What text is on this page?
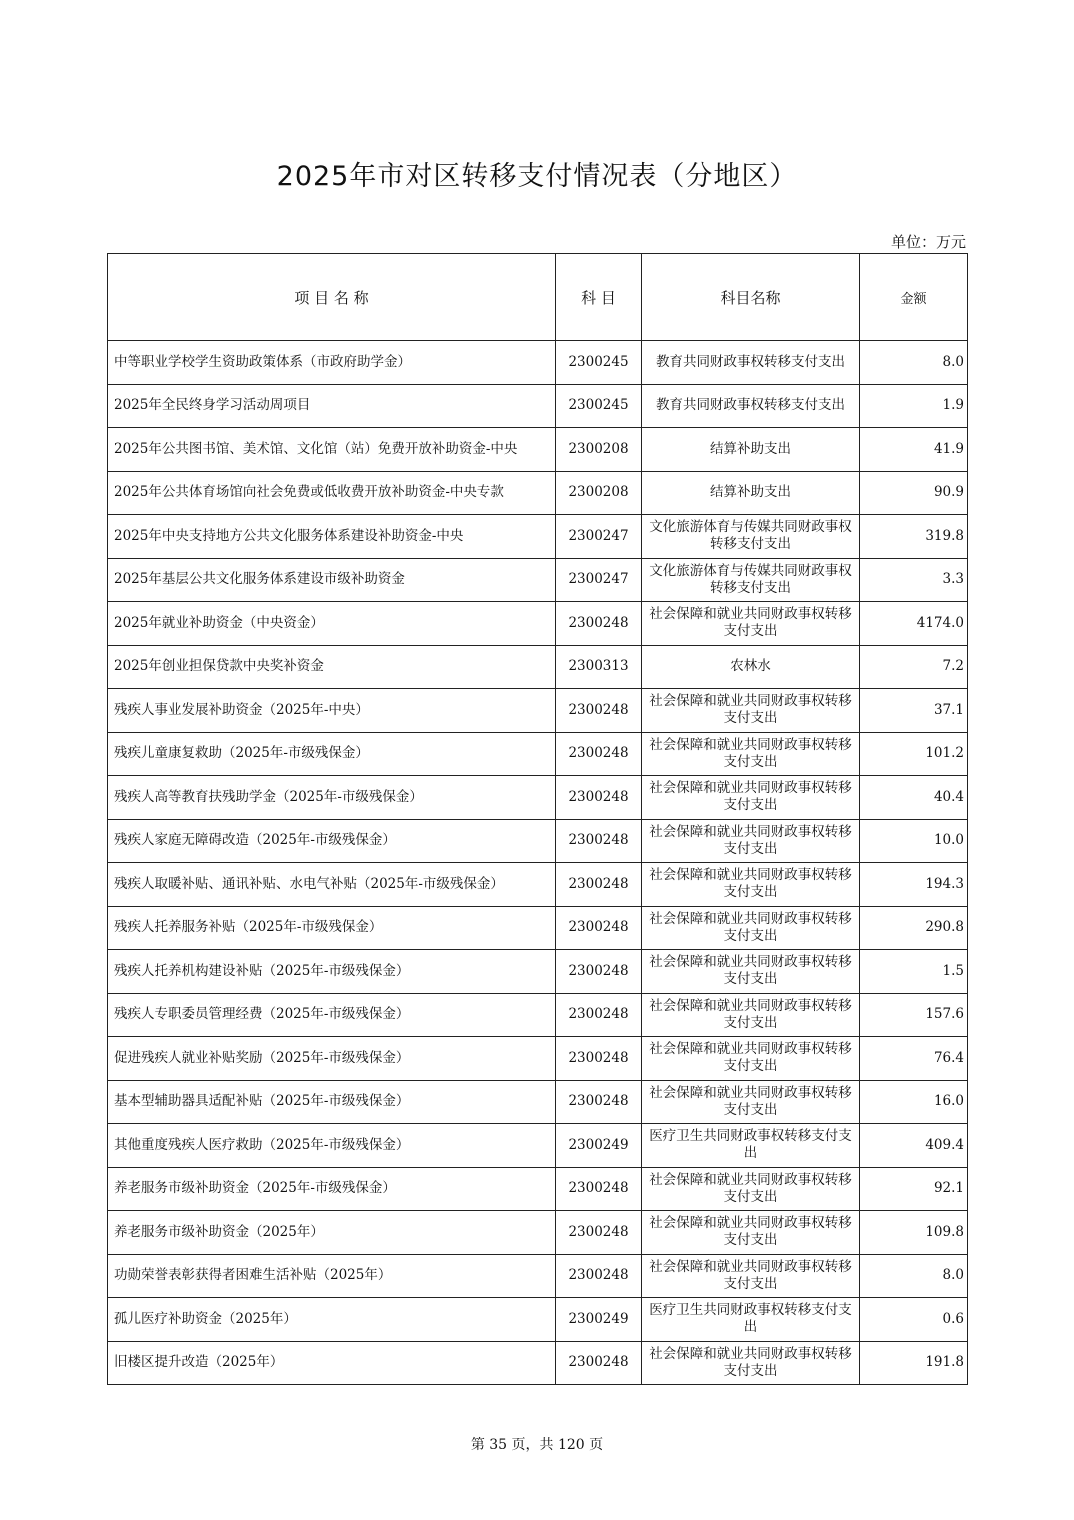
2025年市对区转移支付情况表（分地区）
单位：万元
项 目 名 称	科 目	科目名称	金额
中等职业学校学生资助政策体系（市政府助学金）	2300245	教育共同财政事权转移支付支出	8.0
2025年全民终身学习活动周项目	2300245	教育共同财政事权转移支付支出	1.9
2025年公共图书馆、美术馆、文化馆（站）免费开放补助资金-中央	2300208	结算补助支出	41.9
2025年公共体育场馆向社会免费或低收费开放补助资金-中央专款	2300208	结算补助支出	90.9
2025年中央支持地方公共文化服务体系建设补助资金-中央	2300247	文化旅游体育与传媒共同财政事权转移支付支出	319.8
2025年基层公共文化服务体系建设市级补助资金	2300247	文化旅游体育与传媒共同财政事权转移支付支出	3.3
2025年就业补助资金（中央资金）	2300248	社会保障和就业共同财政事权转移支付支出	4174.0
2025年创业担保贷款中央奖补资金	2300313	农林水	7.2
残疾人事业发展补助资金（2025年-中央）	2300248	社会保障和就业共同财政事权转移支付支出	37.1
残疾儿童康复救助（2025年-市级残保金）	2300248	社会保障和就业共同财政事权转移支付支出	101.2
残疾人高等教育扶残助学金（2025年-市级残保金）	2300248	社会保障和就业共同财政事权转移支付支出	40.4
残疾人家庭无障碍改造（2025年-市级残保金）	2300248	社会保障和就业共同财政事权转移支付支出	10.0
残疾人取暖补贴、通讯补贴、水电气补贴（2025年-市级残保金）	2300248	社会保障和就业共同财政事权转移支付支出	194.3
残疾人托养服务补贴（2025年-市级残保金）	2300248	社会保障和就业共同财政事权转移支付支出	290.8
残疾人托养机构建设补贴（2025年-市级残保金）	2300248	社会保障和就业共同财政事权转移支付支出	1.5
残疾人专职委员管理经费（2025年-市级残保金）	2300248	社会保障和就业共同财政事权转移支付支出	157.6
促进残疾人就业补贴奖励（2025年-市级残保金）	2300248	社会保障和就业共同财政事权转移支付支出	76.4
基本型辅助器具适配补贴（2025年-市级残保金）	2300248	社会保障和就业共同财政事权转移支付支出	16.0
其他重度残疾人医疗救助（2025年-市级残保金）	2300249	医疗卫生共同财政事权转移支付支出	409.4
养老服务市级补助资金（2025年-市级残保金）	2300248	社会保障和就业共同财政事权转移支付支出	92.1
养老服务市级补助资金（2025年）	2300248	社会保障和就业共同财政事权转移支付支出	109.8
功勋荣誉表彰获得者困难生活补贴（2025年）	2300248	社会保障和就业共同财政事权转移支付支出	8.0
孤儿医疗补助资金（2025年）	2300249	医疗卫生共同财政事权转移支付支出	0.6
旧楼区提升改造（2025年）	2300248	社会保障和就业共同财政事权转移支付支出	191.8
第 35 页，共 120 页
